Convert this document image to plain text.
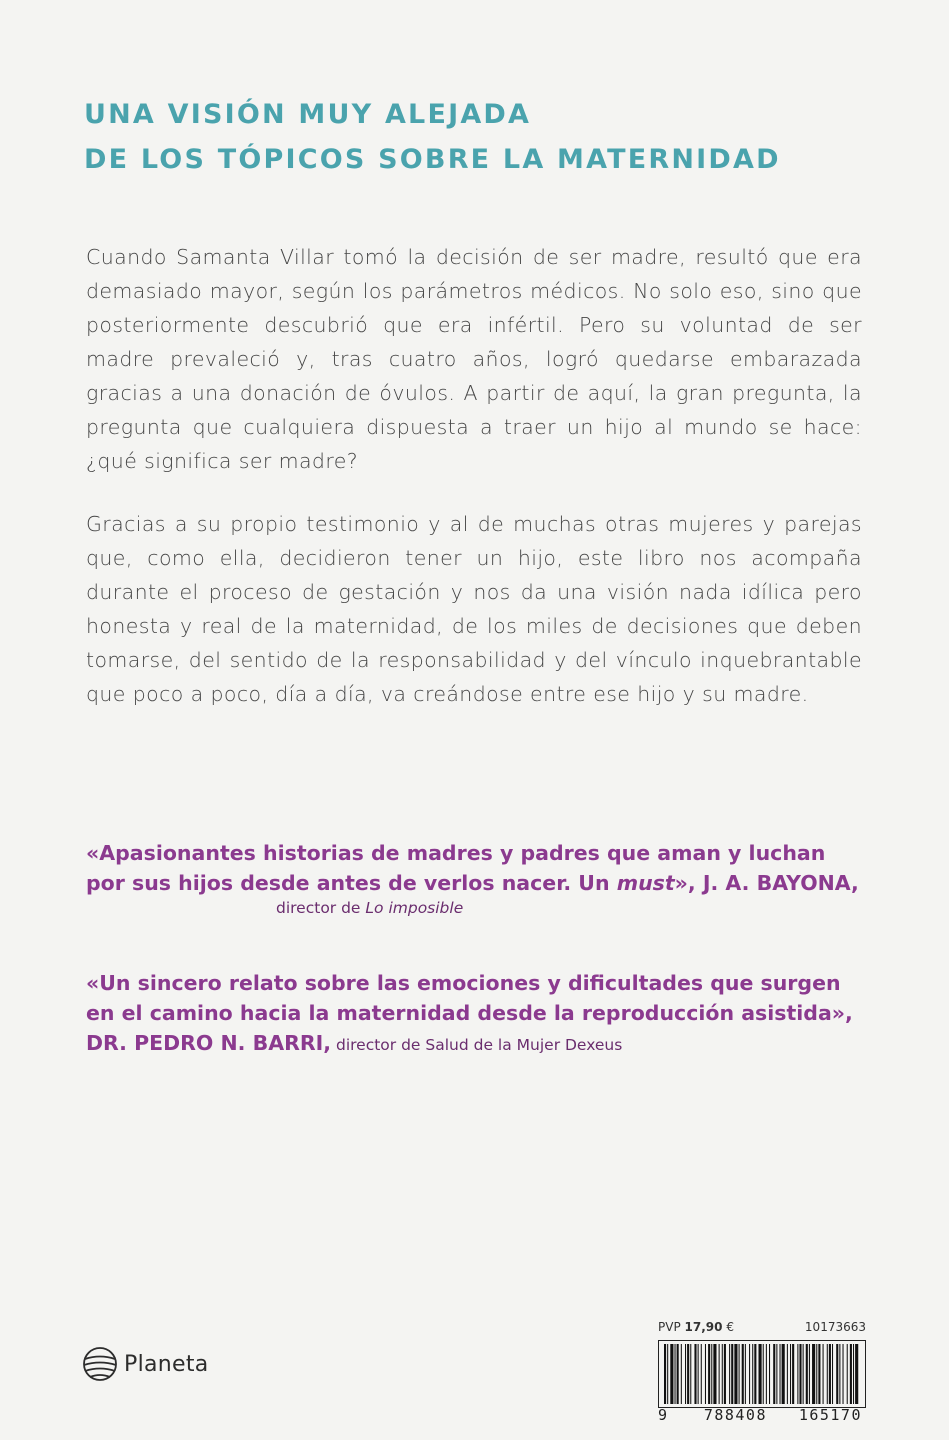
UNA VISIÓN MUY ALEJADA
DE LOS TÓPICOS SOBRE LA MATERNIDAD

Cuando Samanta Villar tomó la decisión de ser madre, resultó que era demasiado mayor, según los parámetros médicos. No solo eso, sino que posteriormente descubrió que era infértil. Pero su voluntad de ser madre prevaleció y, tras cuatro años, logró quedarse embarazada gracias a una donación de óvulos. A partir de aquí, la gran pregunta, la pregunta que cualquiera dispuesta a traer un hijo al mundo se hace: ¿qué significa ser madre?

Gracias a su propio testimonio y al de muchas otras mujeres y parejas que, como ella, decidieron tener un hijo, este libro nos acompaña durante el proceso de gestación y nos da una visión nada idílica pero honesta y real de la maternidad, de los miles de decisiones que deben tomarse, del sentido de la responsabilidad y del vínculo inquebrantable que poco a poco, día a día, va creándose entre ese hijo y su madre.

«Apasionantes historias de madres y padres que aman y luchan por sus hijos desde antes de verlos nacer. Un must», J. A. BAYONA,
director de Lo imposible
«Un sincero relato sobre las emociones y dificultades que surgen en el camino hacia la maternidad desde la reproducción asistida», DR. PEDRO N. BARRI, director de Salud de la Mujer Dexeus
Planeta
PVP 17,90 €	10173663
9	788408 165170
